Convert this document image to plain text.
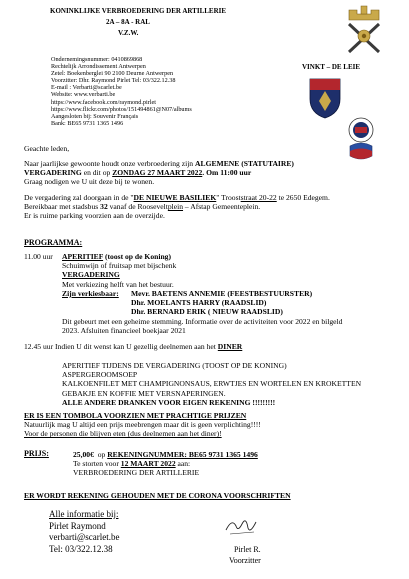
KONINKLIJKE VERBROEDERING DER ARTILLERIE
2A – 8A - RAL
V.Z.W.
VINKT – DE LEIE
Ondernemingsnummer: 0410869868
Rechtelijk Arrondissement Antwerpen
Zetel: Boekenberglei 90 2100 Deurne Antwerpen
Voorzitter: Dhr. Raymond Pirlet Tel: 03/322.12.38
E-mail : Verbarti@scarlet.be
Website: www.verbarti.be
https://www.facebook.com/raymond.pirlet
https://www.flickr.com/photos/151494861@N07/albums
Aangesloten bij: Souvenir Français
Bank: BE65 9731 1365 1496
Geachte leden,
Naar jaarlijkse gewoonte houdt onze verbroedering zijn ALGEMENE (STATUTAIRE)
VERGADERING en dit op ZONDAG 27 MAART 2022. Om 11:00 uur
Graag nodigen we U uit deze bij te wonen.
De vergadering zal doorgaan in de "DE NIEUWE BASILIEK" Trooststraat 20-22 te 2650 Edegem.
Bereikbaar met stadsbus 32 vanaf de Rooseveltplein – Afstap Gemeenteplein.
Er is ruime parking voorzien aan de overzijde.
PROGRAMMA:
11.00 uur APERITIEF (toost op de Koning)
Schuimwijn of fruitsap met bijschenk
VERGADERING
Met verkiezing helft van het bestuur.
Zijn verkiesbaar: Mevr. BAETENS ANNEMIE (FEESTBESTUURSTER)
Dhr. MOELANTS HARRY (RAADSLID)
Dhr. BERNARD ERIK ( NIEUW RAADSLID)
Dit gebeurt met een geheime stemming. Informatie over de activiteiten voor 2022 en bilgeld
2023. Afsluiten financieel boekjaar 2021
12.45 uur Indien U dit wenst kan U gezellig deelnemen aan het DINER
APERITIEF TIJDENS DE VERGADERING (TOOST OP DE KONING)
ASPERGEROOMSOEP
KALKOENFILET MET CHAMPIGNONSAUS, ERWTJES EN WORTELEN EN KROKETTEN
GEBAKJE EN KOFFIE MET VERSNAPERINGEN.
ALLE ANDERE DRANKEN VOOR EIGEN REKENING !!!!!!!!!
ER IS EEN TOMBOLA VOORZIEN MET PRACHTIGE PRIJZEN
Natuurlijk mag U altijd een prijs meebrengen maar dit is geen verplichting!!!!
Voor de personen die blijven eten (dus deelnemen aan het diner)!
PRIJS:	25,00€ op REKENINGNUMMER: BE65 9731 1365 1496
Te storten voor 12 MAART 2022 aan:
VERBROEDERING DER ARTILLERIE
ER WORDT REKENING GEHOUDEN MET DE CORONA VOORSCHRIFTEN
Alle informatie bij:
Pirlet Raymond
verbarti@scarlet.be
Tel: 03/322.12.38	Pirlet R.
Voorzitter
